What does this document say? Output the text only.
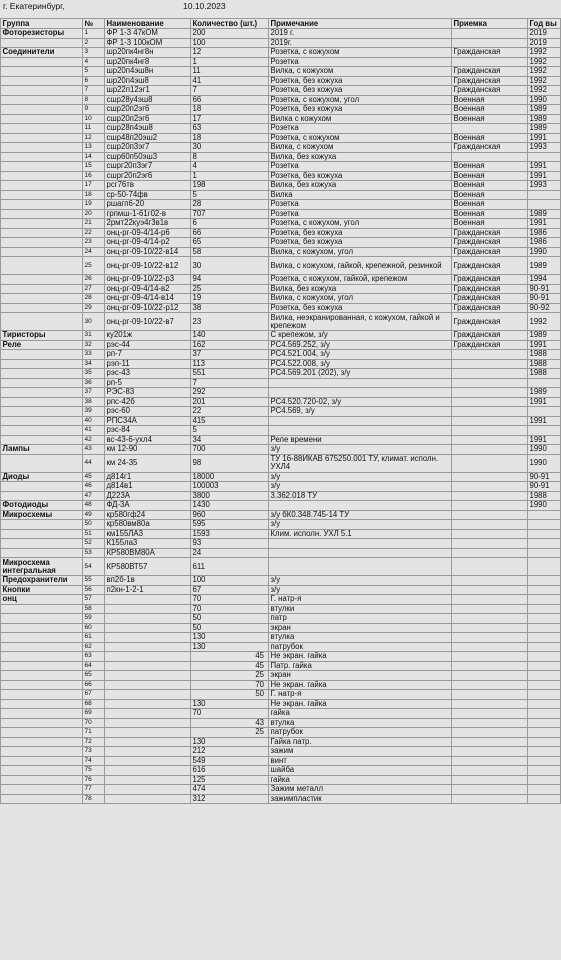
г. Екатеринбург,	10.10.2023
Группа	№	Наименование	Количество (шт.)	Примечание	Приемка	Год вы
Фоторезисторы	1	ФР 1-3 47кОМ	200	2019 г.		2019
	2	ФР 1-3 100кОМ	100	2019г.		2019
Соединители	3	шр20пк4нг8н	12	Розетка, с кожухом	Гражданская	1992
	4	шр20пк4нг8	1	Розетка		1992
	5	шр20п4эш8н	11	Вилка, с кожухом	Гражданская	1992
	6	шр20п4эш8	41	Розетка, без кожуха	Гражданская	1992
	7	шр22п12эг1	7	Розетка, без кожуха	Гражданская	1992
	8	сшр28у4эш8	66	Розетка, с кожухом, угол	Военная	1990
	9	сшр20п2эг6	18	Розетка, без кожуха	Военная	1989
	10	сшр20п2эг6	17	Вилка с кожухом	Военная	1989
	11	сшр28п4эш8	63	Розетка		1989
	12	сшр48п20эш2	18	Розетка, с кожухом	Военная	1991
	13	сшр20п3эг7	30	Вилка, с кожухом	Гражданская	1993
	14	сшр60п50эш3	8	Вилка, без кожуха		
	15	сшрг20п3эг7	4	Розетка	Военная	1991
	16	сшрг20п2эг6	1	Розетка, без кожуха	Военная	1991
	17	рсг76тв	198	Вилка, без кожуха	Военная	1993
	18	ср-50-74фв	5	Вилка	Военная	
	19	ршагп6-20	28	Розетка	Военная	
	20	грпмш-1-61г02-в	707	Розетка	Военная	1989
	21	2рмт22куэ4г3в1в	6	Розетка, с кожухом, угол	Военная	1991
	22	онц-рг-09-4/14-р6	66	Розетка, без кожуха	Гражданская	1986
	23	онц-рг-09-4/14-р2	65	Розетка, без кожуха	Гражданская	1986
	24	онц-рг-09-10/22-в14	58	Вилка, с кожухом, угол	Гражданская	1990
	25	онц-рг-09-10/22-в12	30	Вилка, с кожухом, гайкой, крепежной, резинкой	Гражданская	1989
	26	онц-рг-09-10/22-р3	94	Розетка, с кожухом, гайкой, крепежом	Гражданская	1994
	27	онц-рг-09-4/14-в2	25	Вилка, без кожуха	Гражданская	90-91
	28	онц-рг-09-4/14-в14	19	Вилка, с кожухом, угол	Гражданская	90-91
	29	онц-рг-09-10/22-р12	38	Розетка, без кожуха	Гражданская	90-92
	30	онц-рг-09-10/22-в7	23	Вилка, неэкранированная, с кожухом, гайкой и крепежом	Гражданская	1992
Тиристоры	31	ку201ж	140	С крепежом, з/у	Гражданская	1989
Реле	32	рэс-44	162	РС4.569.252, з/у	Гражданская	1991
	33	рп-7	37	РС4.521.004, з/у		1988
	34	рэп-11	113	РС4.522.008, з/у		1988
	35	рэс-43	551	РС4.569.201 (202), з/у		1988
	36	рп-5	7			
	37	РЭС-83	292			1989
	38	рпс-42б	201	РС4.520.720-02, з/у		1991
	39	рэс-60	22	РС4.569, з/у		
	40	РПС34А	415			1991
	41	рэс-84	5			
	42	вс-43-6-ухл4	34	Реле времени		1991
Лампы	43	км 12-90	700	з/у		1990
	44	км 24-35	98	ТУ 16-88ИКАВ 675250.001 ТУ, климат. исполн. УХЛ4		1990
Диоды	45	д814г1	18000	з/у		90-91
	46	д814в1	100003	з/у		90-91
	47	Д223А	3800	3.362.018 ТУ		1988
Фотодиоды	48	ФД-3А	1430			1990
Микросхемы	49	кр580гф24	960	з/у бК0.348.745-14 ТУ		
	50	кр580вм80а	595	з/у		
	51	км155ЛА3	1593	Клим. исполн. УХЛ 5.1		
	52	К155ла3	93			
	53	КР580ВМ80А	24			
Микросхема интегральная	54	КР580ВТ57	611			
Предохранители	55	вп2б-1в	100	з/у		
Кнопки	56	п2кн-1-2-1	67	з/у		
онц	57		70	Г. натр-я		
	58		70	втулки		
	59		50	патр		
	60		50	экран		
	61		130	втулка		
	62		130	патрубок		
	63		45	Не экран. гайка		
	64		45	Патр. гайка		
	65		25	экран		
	66		70	Не экран. гайка		
	67		50	Г. натр-я		
	68		130	Не экран. гайка		
	69		70	гайка		
	70		43	втулка		
	71		25	патрубок		
	72		130	Гайка патр.		
	73		212	зажим		
	74		549	винт		
	75		616	шайба		
	76		125	гайка		
	77		474	Зажим металл		
	78		312	зажимпластик		
